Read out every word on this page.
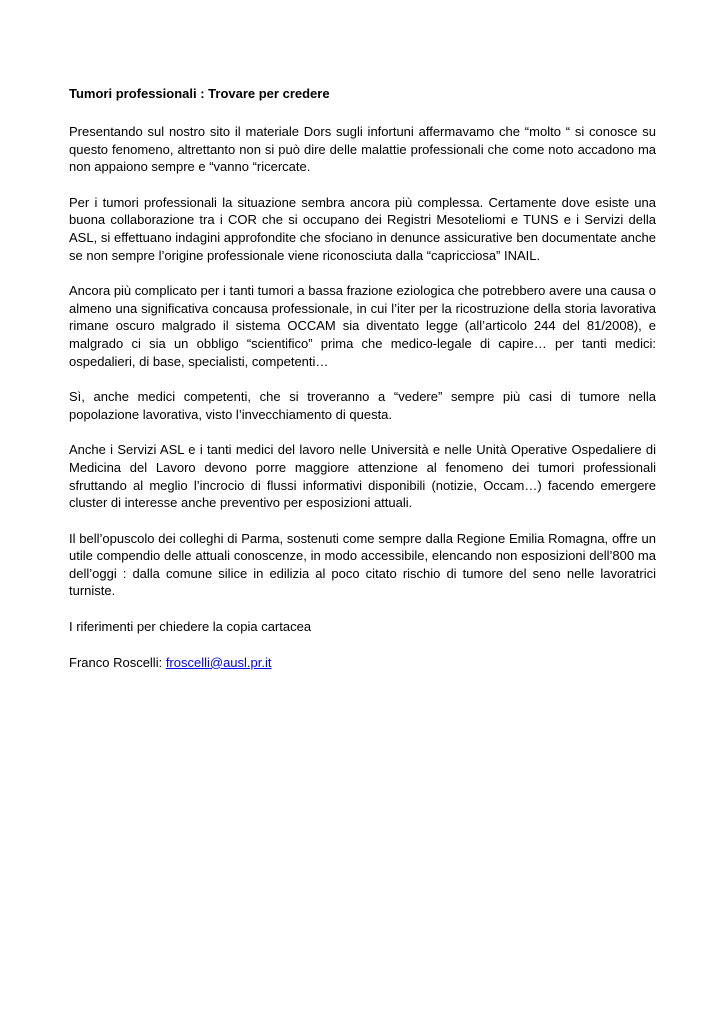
Tumori professionali : Trovare per credere

Presentando sul nostro sito il materiale Dors sugli infortuni affermavamo che “molto “ si conosce su questo fenomeno, altrettanto non si può dire delle malattie professionali che come noto accadono ma non appaiono sempre e “vanno “ricercate.

Per i tumori professionali la situazione sembra ancora più complessa. Certamente dove esiste una buona collaborazione tra i COR che si occupano dei Registri Mesoteliomi e TUNS e i Servizi della ASL, si effettuano indagini approfondite che sfociano in denunce assicurative ben documentate anche se non sempre l’origine professionale viene riconosciuta dalla “capricciosa” INAIL.

Ancora più complicato per i tanti tumori a bassa frazione eziologica che potrebbero avere una causa o almeno una significativa concausa professionale, in cui l’iter per la ricostruzione della storia lavorativa rimane oscuro malgrado il sistema OCCAM sia diventato legge (all’articolo 244 del 81/2008), e malgrado ci sia un obbligo “scientifico” prima che medico-legale di capire… per tanti medici: ospedalieri, di base, specialisti, competenti…

Sì, anche medici competenti, che si troveranno a “vedere” sempre più casi di tumore nella popolazione lavorativa, visto l’invecchiamento di questa.

Anche i Servizi ASL e i tanti medici del lavoro nelle Università e nelle Unità Operative Ospedaliere di Medicina del Lavoro devono porre maggiore attenzione al fenomeno dei tumori professionali sfruttando al meglio l’incrocio di flussi informativi disponibili (notizie, Occam…) facendo emergere cluster di interesse anche preventivo per esposizioni attuali.

Il bell’opuscolo dei colleghi di Parma, sostenuti come sempre dalla Regione Emilia Romagna, offre un utile compendio delle attuali conoscenze, in modo accessibile, elencando non esposizioni dell’800 ma dell’oggi : dalla comune silice in edilizia al poco citato rischio di tumore del seno nelle lavoratrici turniste.

I riferimenti per chiedere la copia cartacea

Franco Roscelli: froscelli@ausl.pr.it
